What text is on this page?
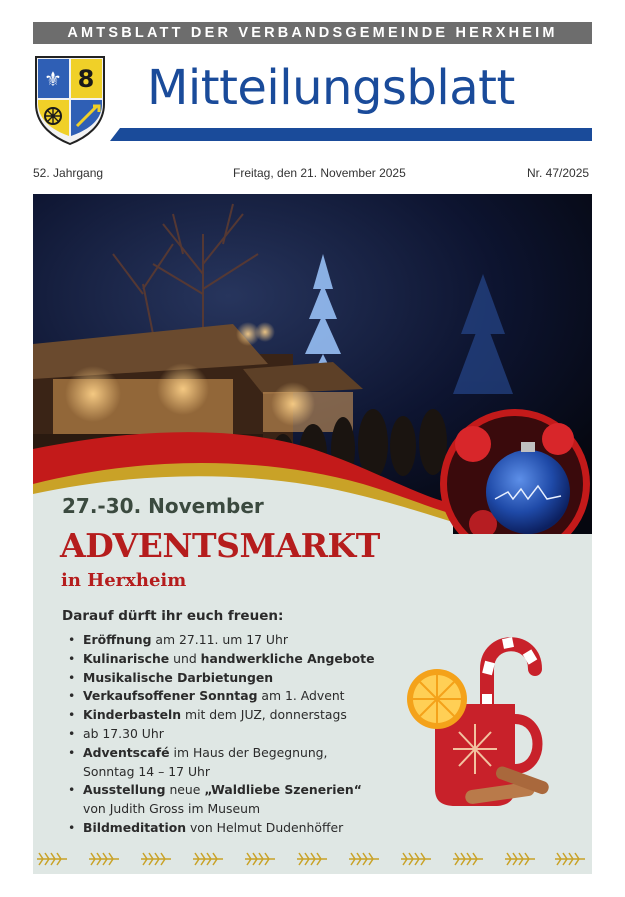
AMTSBLATT DER VERBANDSGEMEINDE HERXHEIM
⚜ 8 Mitteilungsblatt
52. Jahrgang	Freitag, den 21. November 2025	Nr. 47/2025
27.-30. November
ADVENTSMARKT
in Herxheim
Darauf dürft ihr euch freuen:
• Eröffnung am 27.11. um 17 Uhr
• Kulinarische und handwerkliche Angebote
• Musikalische Darbietungen
• Verkaufsoffener Sonntag am 1. Advent
• Kinderbasteln mit dem JUZ, donnerstags
• ab 17.30 Uhr
• Adventscafé im Haus der Begegnung,
Sonntag 14 – 17 Uhr
• Ausstellung neue „Waldliebe Szenerien“
von Judith Gross im Museum
• Bildmeditation von Helmut Dudenhöffer
